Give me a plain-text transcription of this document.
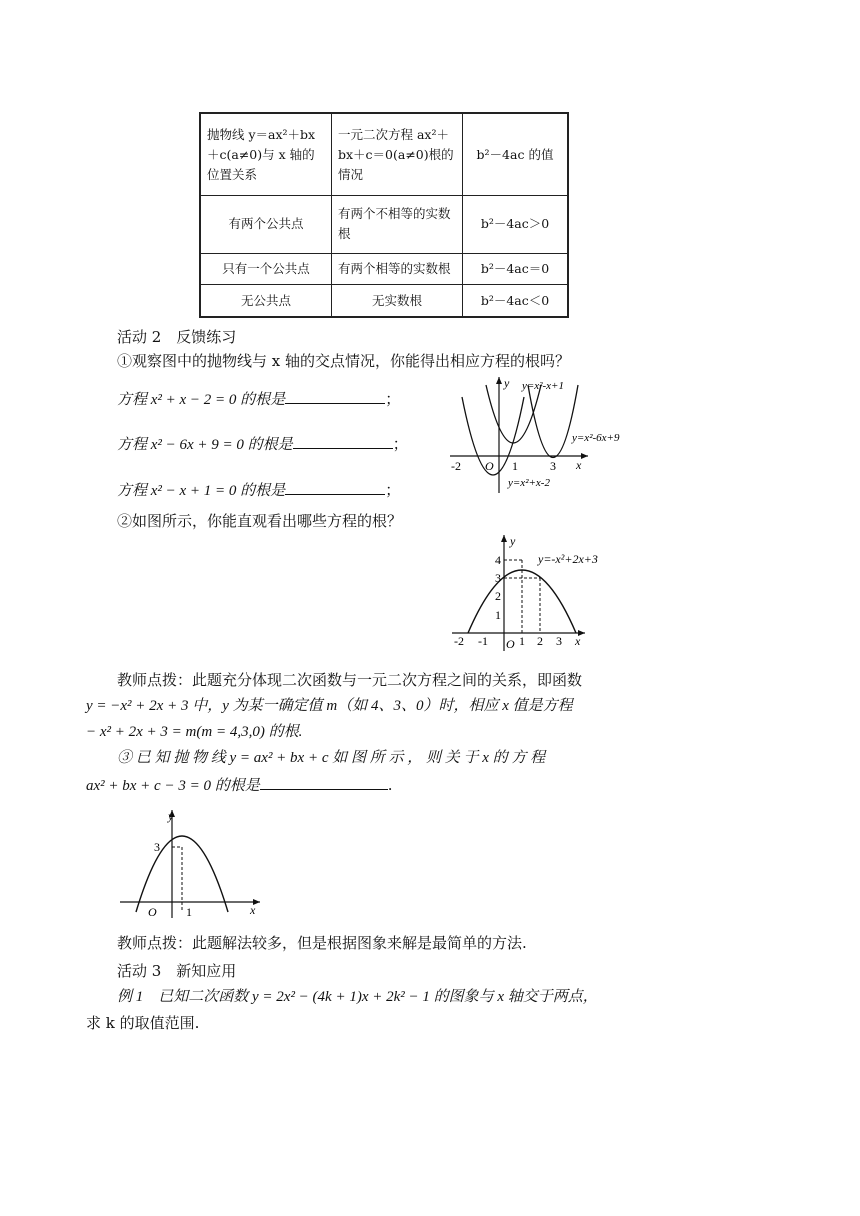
抛物线 y＝ax²＋bx＋c(a≠0)与 x 轴的位置关系	一元二次方程 ax²＋bx＋c＝0(a≠0)根的情况	b²－4ac 的值
有两个公共点	有两个不相等的实数根	b²－4ac＞0
只有一个公共点	有两个相等的实数根	b²－4ac＝0
无公共点	无实数根	b²－4ac＜0
活动 2　反馈练习
①观察图中的抛物线与 x 轴的交点情况，你能得出相应方程的根吗？
方程 x² + x − 2 = 0 的根是	；
方程 x² − 6x + 9 = 0 的根是	；
方程 x² − x + 1 = 0 的根是	；
y
x
O
-2	1	3
y=x²-x+1
y=x²-6x+9
y=x²+x-2
②如图所示，你能直观看出哪些方程的根？
y
x
O
-2 -1	1 2 3
4
3
2
1
y=-x²+2x+3
教师点拨：此题充分体现二次函数与一元二次方程之间的关系，即函数
y = −x² + 2x + 3 中，y 为某一确定值 m（如 4、3、0）时，相应 x 值是方程
− x² + 2x + 3 = m(m = 4,3,0) 的根.
③ 已 知 抛 物 线 y = ax² + bx + c 如 图 所 示 ， 则 关 于 x 的 方 程
ax² + bx + c − 3 = 0 的根是	.
y
x
O 1
3
教师点拨：此题解法较多，但是根据图象来解是最简单的方法.
活动 3　新知应用
例 1　已知二次函数 y = 2x² − (4k + 1)x + 2k² − 1 的图象与 x 轴交于两点，
求 k 的取值范围.
